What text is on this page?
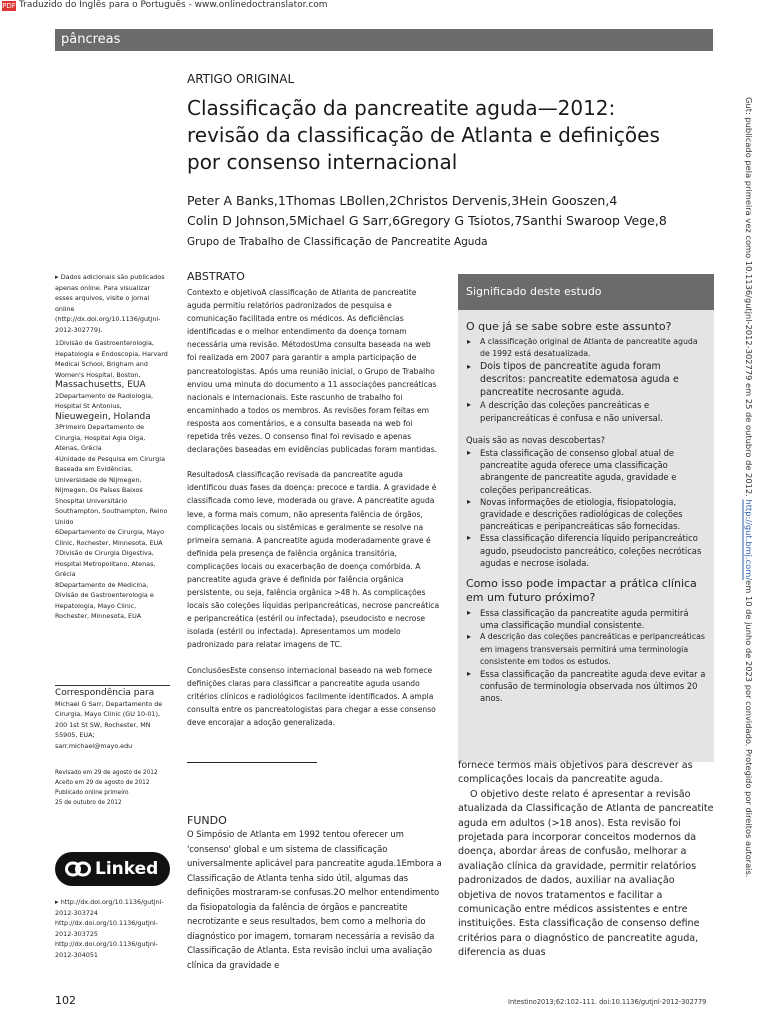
PDF Traduzido do Inglês para o Português - www.onlinedoctranslator.com
pâncreas
ARTIGO ORIGINAL
Classificação da pancreatite aguda—2012: revisão da classificação de Atlanta e definições por consenso internacional
Peter A Banks,1Thomas LBollen,2Christos Dervenis,3Hein Gooszen,4
Colin D Johnson,5Michael G Sarr,6Gregory G Tsiotos,7Santhi Swaroop Vege,8
Grupo de Trabalho de Classificação de Pancreatite Aguda	Gut: publicado pela primeira vez como 10.1136/gutjnl-2012-302779 em 25 de outubro de 2012. http://gut.bmj.com/em 10 de junho de 2023 por convidado. Protegido por direitos autorais.
▸ Dados adicionais são publicados apenas online. Para visualizar esses arquivos, visite o jornal online (http://dx.doi.org/10.1136/gutjnl-2012-302779).
1Divisão de Gastroenterologia, Hepatologia e Endoscopia, Harvard Medical School, Brigham and Women's Hospital, Boston,
Massachusetts, EUA
2Departamento de Radiologia, Hospital St Antonius,
Nieuwegein, Holanda
3Primeiro Departamento de Cirurgia, Hospital Agia Olga, Atenas, Grécia
4Unidade de Pesquisa em Cirurgia Baseada em Evidências, Universidade de Nijmegen, Nijmegen, Os Países Baixos
5hospital Universitário Southampton, Southampton, Reino Unido
6Departamento de Cirurgia, Mayo Clinic, Rochester, Minnesota, EUA
7Divisão de Cirurgia Digestiva, Hospital Metropolitano, Atenas, Grécia
8Departamento de Medicina, Divisão de Gastroenterologia e Hepatologia, Mayo Clinic, Rochester, Minnesota, EUA
Correspondência para
Michael G Sarr, Departamento de Cirurgia, Mayo Clinic (GU 10-01), 200 1st St SW, Rochester, MN 55905, EUA; sarr.michael@mayo.edu
Revisado em 29 de agosto de 2012
Aceito em 29 de agosto de 2012
Publicado online primeiro
25 de outubro de 2012
Linked
▸ http://dx.doi.org/10.1136/gutjnl-2012-303724
http://dx.doi.org/10.1136/gutjnl-2012-303725
http://dx.doi.org/10.1136/gutjnl-2012-304051
ABSTRATO

Contexto e objetivoA classificação de Atlanta de pancreatite aguda permitiu relatórios padronizados de pesquisa e comunicação facilitada entre os médicos. As deficiências identificadas e o melhor entendimento da doença tornam necessária uma revisão. MétodosUma consulta baseada na web foi realizada em 2007 para garantir a ampla participação de pancreatologistas. Após uma reunião inicial, o Grupo de Trabalho enviou uma minuta do documento a 11 associações pancreáticas nacionais e internacionais. Este rascunho de trabalho foi encaminhado a todos os membros. As revisões foram feitas em resposta aos comentários, e a consulta baseada na web foi repetida três vezes. O consenso final foi revisado e apenas declarações baseadas em evidências publicadas foram mantidas.

ResultadosA classificação revisada da pancreatite aguda identificou duas fases da doença: precoce e tardia. A gravidade é classificada como leve, moderada ou grave. A pancreatite aguda leve, a forma mais comum, não apresenta falência de órgãos, complicações locais ou sistêmicas e geralmente se resolve na primeira semana. A pancreatite aguda moderadamente grave é definida pela presença de falência orgânica transitória, complicações locais ou exacerbação de doença comórbida. A pancreatite aguda grave é definida por falência orgânica persistente, ou seja, falência orgânica >48 h. As complicações locais são coleções líquidas peripancreáticas, necrose pancreática e peripancreática (estéril ou infectada), pseudocisto e necrose isolada (estéril ou infectada). Apresentamos um modelo padronizado para relatar imagens de TC.

ConclusõesEste consenso internacional baseado na web fornece definições claras para classificar a pancreatite aguda usando critérios clínicos e radiológicos facilmente identificados. A ampla consulta entre os pancreatologistas para chegar a esse consenso deve encorajar a adoção generalizada.

FUNDO

O Simpósio de Atlanta em 1992 tentou oferecer um 'consenso' global e um sistema de classificação universalmente aplicável para pancreatite aguda.1Embora a Classificação de Atlanta tenha sido útil, algumas das definições mostraram-se confusas.2O melhor entendimento da fisiopatologia da falência de órgãos e pancreatite necrotizante e seus resultados, bem como a melhoria do diagnóstico por imagem, tornaram necessária a revisão da Classificação de Atlanta. Esta revisão inclui uma avaliação clínica da gravidade e

Significado deste estudo
O que já se sabe sobre este assunto?
▸ A classificação original de Atlanta de pancreatite aguda de 1992 está desatualizada.
▸ Dois tipos de pancreatite aguda foram descritos: pancreatite edematosa aguda e pancreatite necrosante aguda.
▸ A descrição das coleções pancreáticas e peripancreáticas é confusa e não universal.
Quais são as novas descobertas?
▸ Esta classificação de consenso global atual de pancreatite aguda oferece uma classificação abrangente de pancreatite aguda, gravidade e coleções peripancreáticas.
▸ Novas informações de etiologia, fisiopatologia, gravidade e descrições radiológicas de coleções pancreáticas e peripancreáticas são fornecidas.
▸ Essa classificação diferencia líquido peripancreático agudo, pseudocisto pancreático, coleções necróticas agudas e necrose isolada.
Como isso pode impactar a prática clínica em um futuro próximo?
▸ Essa classificação da pancreatite aguda permitirá uma classificação mundial consistente.
▸ A descrição das coleções pancreáticas e peripancreáticas em imagens transversais permitirá uma terminologia consistente em todos os estudos.
▸ Essa classificação da pancreatite aguda deve evitar a confusão de terminologia observada nos últimos 20 anos.

fornece termos mais objetivos para descrever as complicações locais da pancreatite aguda.

O objetivo deste relato é apresentar a revisão atualizada da Classificação de Atlanta de pancreatite aguda em adultos (>18 anos). Esta revisão foi projetada para incorporar conceitos modernos da doença, abordar áreas de confusão, melhorar a avaliação clínica da gravidade, permitir relatórios padronizados de dados, auxiliar na avaliação objetiva de novos tratamentos e facilitar a comunicação entre médicos assistentes e entre instituições. Esta classificação de consenso define critérios para o diagnóstico de pancreatite aguda, diferencia as duas

102	Intestino2013;62:102–111. doi:10.1136/gutjnl-2012-302779
